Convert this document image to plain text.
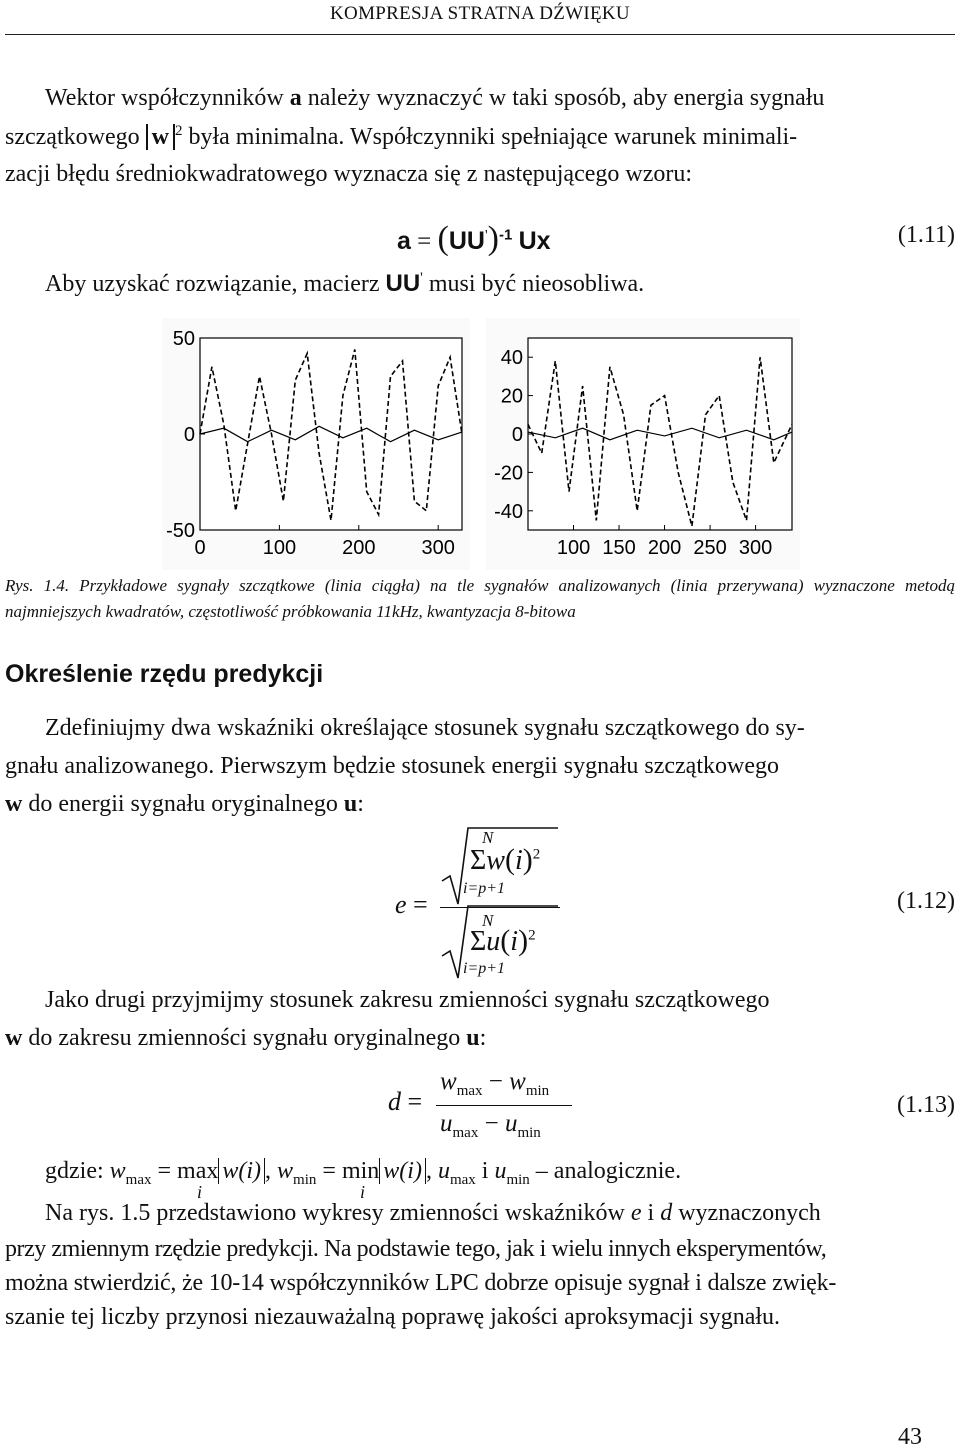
KOMPRESJA STRATNA DŹWIĘKU
Wektor współczynników a należy wyznaczyć w taki sposób, aby energia sygnału
szczątkowego w $^2$ była minimalna. Współczynniki spełniające warunek minimali-
zacji błędu średniokwadratowego wyznacza się z następującego wzoru:
$a = (UU')^{-1}$ Ux	(1.11)
Aby uzyskać rozwiązanie, macierz UU' musi być nieosobliwa.
50
0
-50
0	100 200 300
40
20
0
-20
-40
100 150 200 250 300
Rys. 1.4. Przykładowe sygnały szczątkowe (linia ciągła) na tle sygnałów analizowanych (linia przerywana) wyznaczone metodą najmniejszych kwadratów, częstotliwość próbkowania 11kHz, kwantyzacja 8-bitowa
Określenie rzędu predykcji
Zdefiniujmy dwa wskaźniki określające stosunek sygnału szczątkowego do sy-
gnału analizowanego. Pierwszym będzie stosunek energii sygnału szczątkowego
w do energii sygnału oryginalnego u:
e =
N
$\Sigma w(i)^2$
i=p+1
N
$\Sigma u(i)^2$
i=p+1
(1.12)
Jako drugi przyjmijmy stosunek zakresu zmienności sygnału szczątkowego
w do zakresu zmienności sygnału oryginalnego u:
d =
$w_{max} - w_{min}$
$u_{max} - u_{min}$
(1.13)
gdzie: $w_{max} = \max$
i
w(i) , $w_{min} = \min$
i
w(i) , $u_{max}$ i $u_{min}$ – analogicznie.
Na rys. 1.5 przedstawiono wykresy zmienności wskaźników e i d wyznaczonych
przy zmiennym rzędzie predykcji. Na podstawie tego, jak i wielu innych eksperymentów,
można stwierdzić, że 10-14 współczynników LPC dobrze opisuje sygnał i dalsze zwięk-
szanie tej liczby przynosi niezauważalną poprawę jakości aproksymacji sygnału.
43
